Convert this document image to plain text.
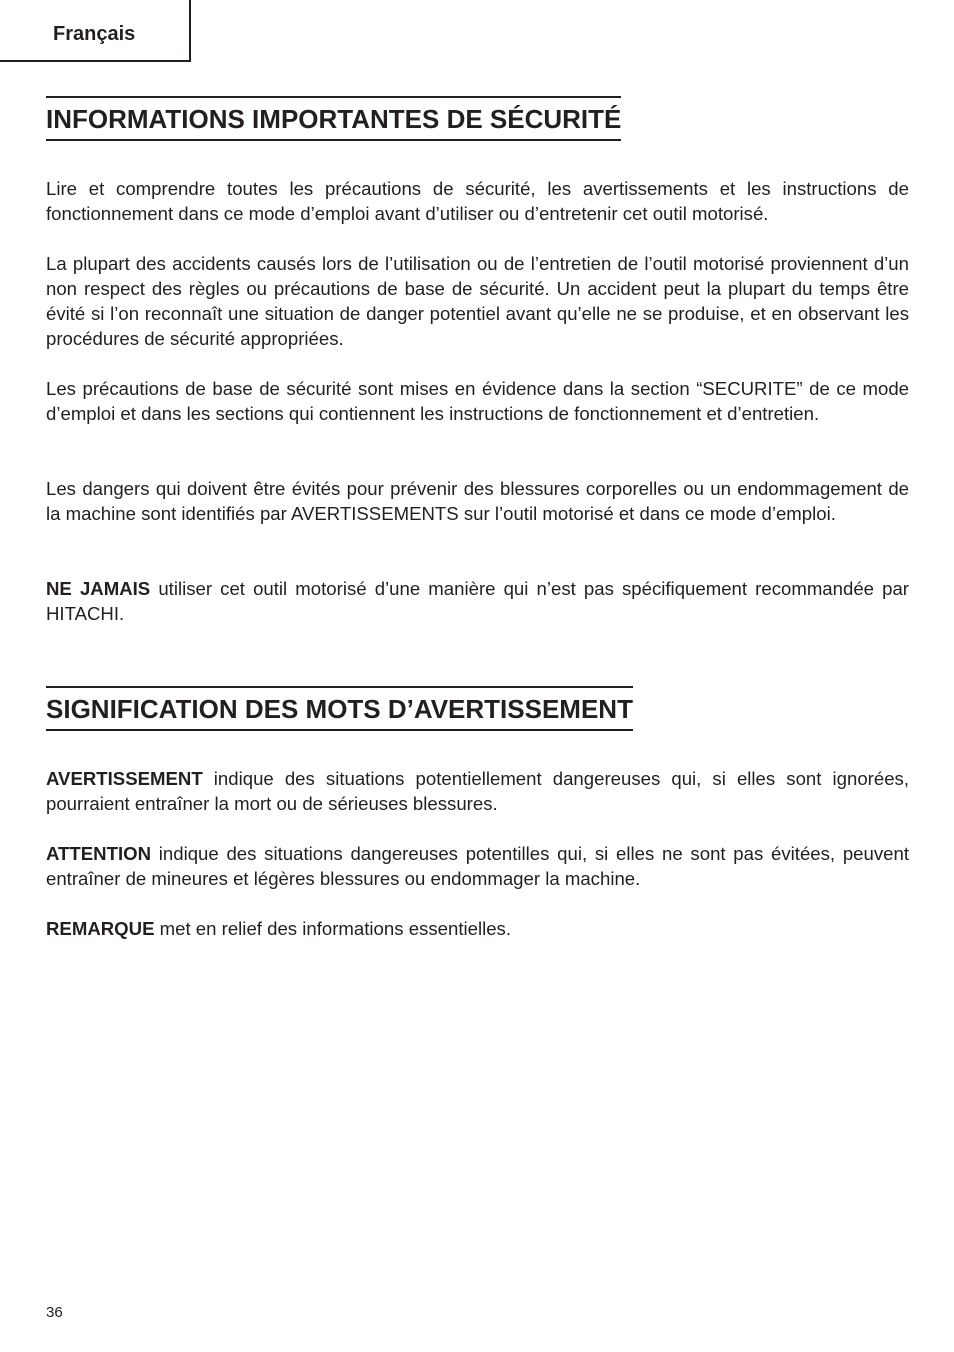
Français
INFORMATIONS IMPORTANTES DE SÉCURITÉ

Lire et comprendre toutes les précautions de sécurité, les avertissements et les instructions de fonctionnement dans ce mode d’emploi avant d’utiliser ou d’entretenir cet outil motorisé.

La plupart des accidents causés lors de l’utilisation ou de l’entretien de l’outil motorisé proviennent d’un non respect des règles ou précautions de base de sécurité. Un accident peut la plupart du temps être évité si l’on reconnaît une situation de danger potentiel avant qu’elle ne se produise, et en observant les procédures de sécurité appropriées.

Les précautions de base de sécurité sont mises en évidence dans la section “SECURITE” de ce mode d’emploi et dans les sections qui contiennent les instructions de fonctionnement et d’entretien.

Les dangers qui doivent être évités pour prévenir des blessures corporelles ou un endommagement de la machine sont identifiés par AVERTISSEMENTS sur l’outil motorisé et dans ce mode d’emploi.

NE JAMAIS utiliser cet outil motorisé d’une manière qui n’est pas spécifiquement recommandée par HITACHI.

SIGNIFICATION DES MOTS D’AVERTISSEMENT

AVERTISSEMENT indique des situations potentiellement dangereuses qui, si elles sont ignorées, pourraient entraîner la mort ou de sérieuses blessures.

ATTENTION indique des situations dangereuses potentilles qui, si elles ne sont pas évitées, peuvent entraîner de mineures et légères blessures ou endommager la machine.

REMARQUE met en relief des informations essentielles.

36
